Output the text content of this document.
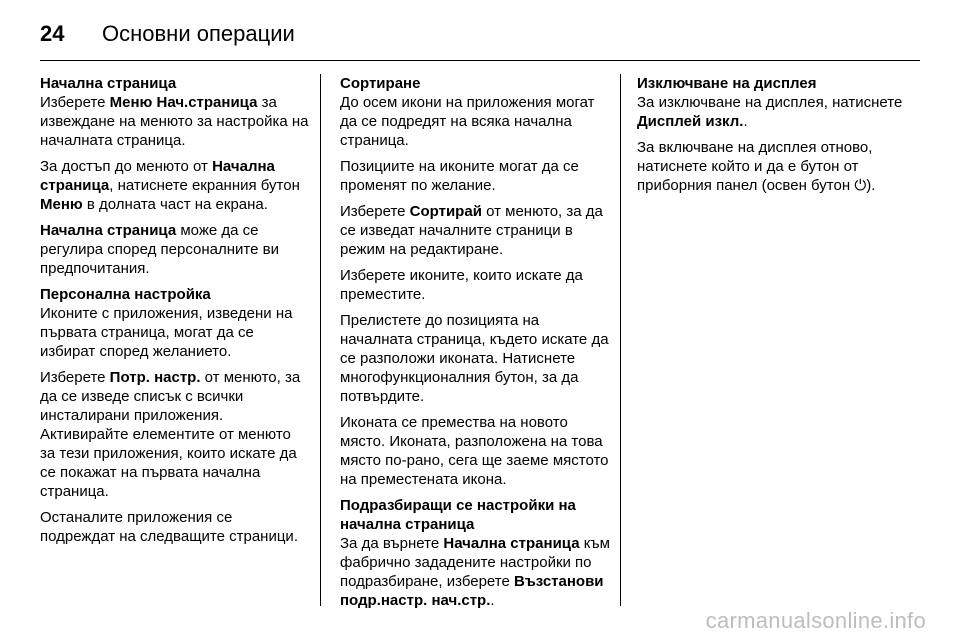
24	Основни операции
Начална страница

Изберете Меню Нач.страница за извеждане на менюто за настройка на началната страница.

За достъп до менюто от Начална страница, натиснете екранния бутон Меню в долната част на екрана.

Начална страница може да се регулира според персоналните ви предпочитания.

Персонална настройка

Иконите с приложения, изведени на първата страница, могат да се избират според желанието.

Изберете Потр. настр. от менюто, за да се изведе списък с всички инсталирани приложения. Активирайте елементите от менюто за тези приложения, които искате да се покажат на първата начална страница.

Останалите приложения се подреждат на следващите страници.

Сортиране

До осем икони на приложения могат да се подредят на всяка начална страница.

Позициите на иконите могат да се променят по желание.

Изберете Сортирай от менюто, за да се изведат началните страници в режим на редактиране.

Изберете иконите, които искате да преместите.

Прелистете до позицията на началната страница, където искате да се разположи иконата. Натиснете многофункционалния бутон, за да потвърдите.

Иконата се премества на новото място. Иконата, разположена на това място по-рано, сега ще заеме мястото на преместената икона.

Подразбиращи се настройки на начална страница

За да върнете Начална страница към фабрично зададените настройки по подразбиране, изберете Възстанови подр.настр. нач.стр..

Изключване на дисплея

За изключване на дисплея, натиснете Дисплей изкл..

За включване на дисплея отново, натиснете който и да е бутон от приборния панел (освен бутон ⏻).

carmanualsonline.info
